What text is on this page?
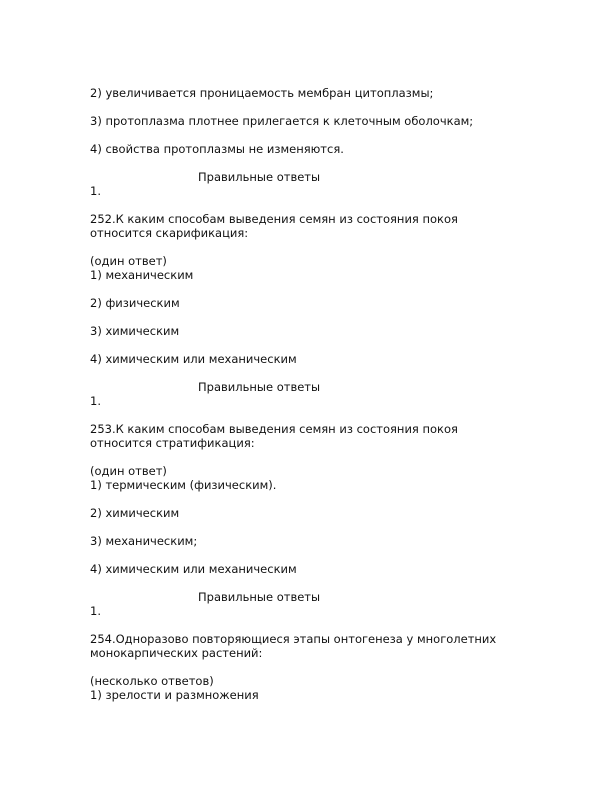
2) увеличивается проницаемость мембран цитоплазмы;
3) протоплазма плотнее прилегается к клеточным оболочкам;
4) свойства протоплазмы не изменяются.
Правильные ответы
1.
252.К каким способам выведения семян из состояния покоя
относится скарификация:
(один ответ)
1) механическим
2) физическим
3) химическим
4) химическим или механическим
Правильные ответы
1.
253.К каким способам выведения семян из состояния покоя
относится стратификация:
(один ответ)
1) термическим (физическим).
2) химическим
3) механическим;
4) химическим или механическим
Правильные ответы
1.
254.Одноразово повторяющиеся этапы онтогенеза у многолетних
монокарпических растений:
(несколько ответов)
1) зрелости и размножения
